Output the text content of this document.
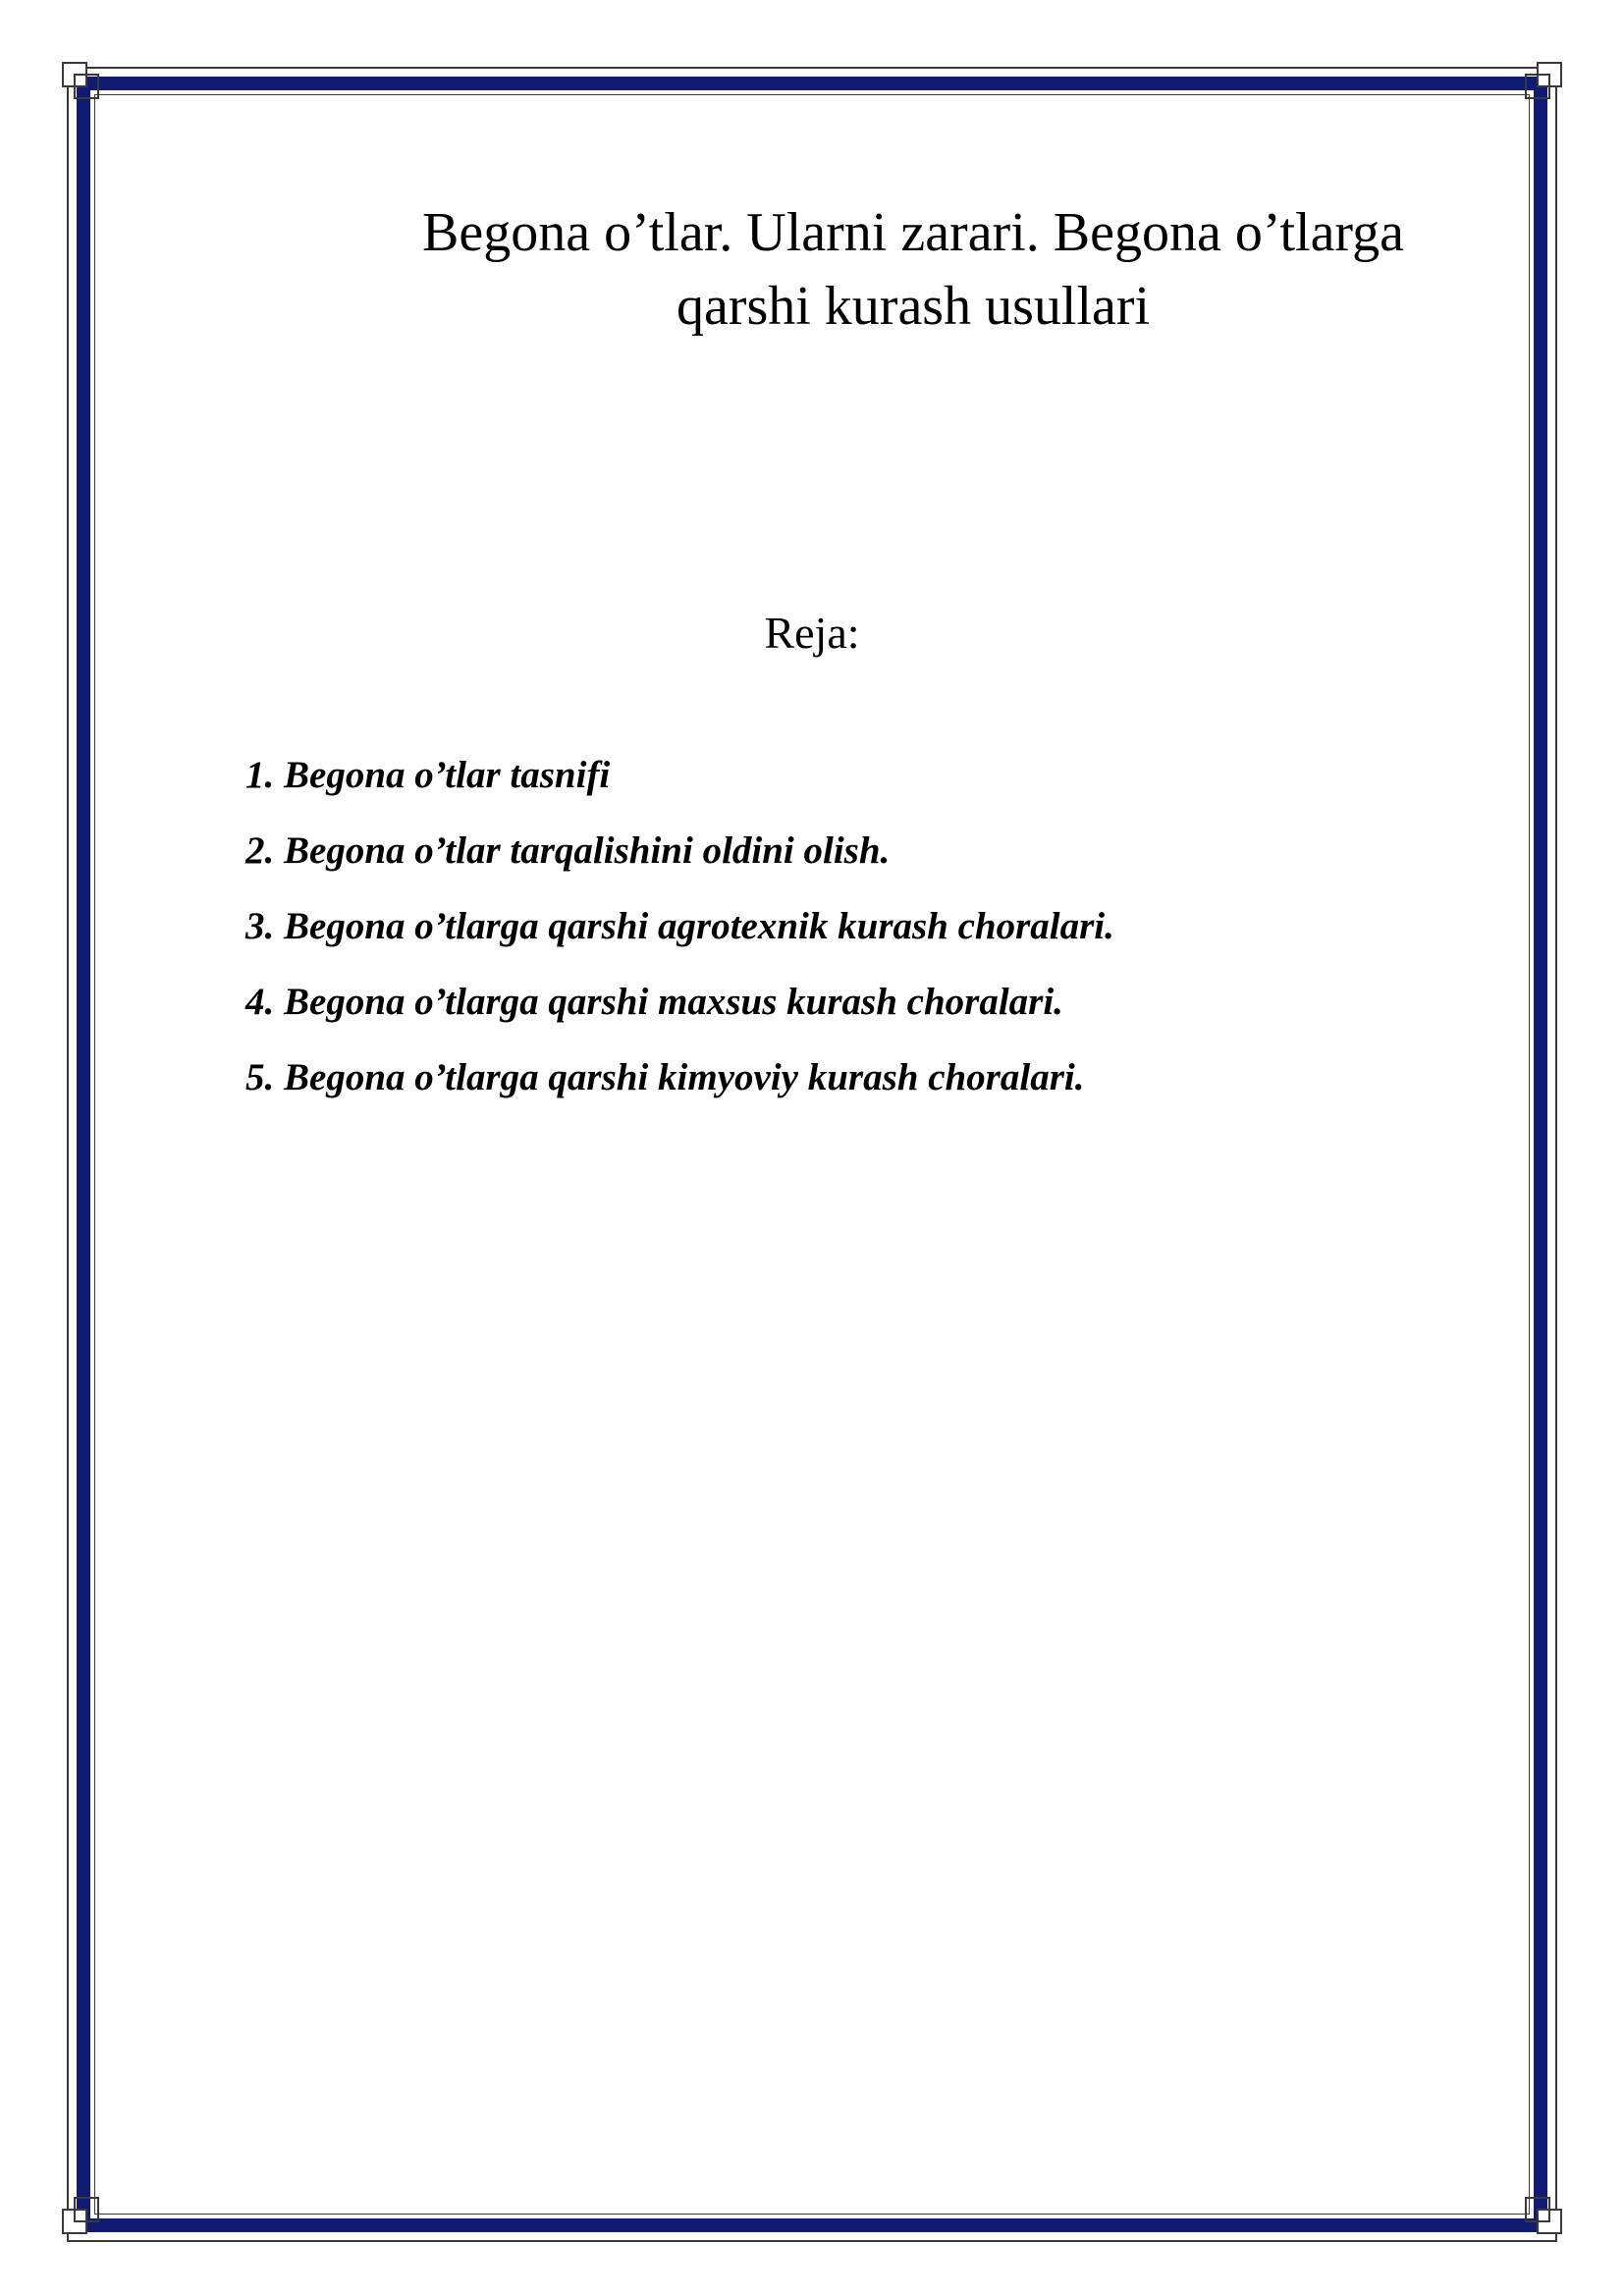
Begona o’tlar. Ularni zarari. Begona o’tlarga
qarshi kurash usullari
Reja:
1. Begona o’tlar tasnifi
2. Begona o’tlar tarqalishini oldini olish.
3. Begona o’tlarga qarshi agrotexnik kurash choralari.
4. Begona o’tlarga qarshi maxsus kurash choralari.
5. Begona o’tlarga qarshi kimyoviy kurash choralari.
